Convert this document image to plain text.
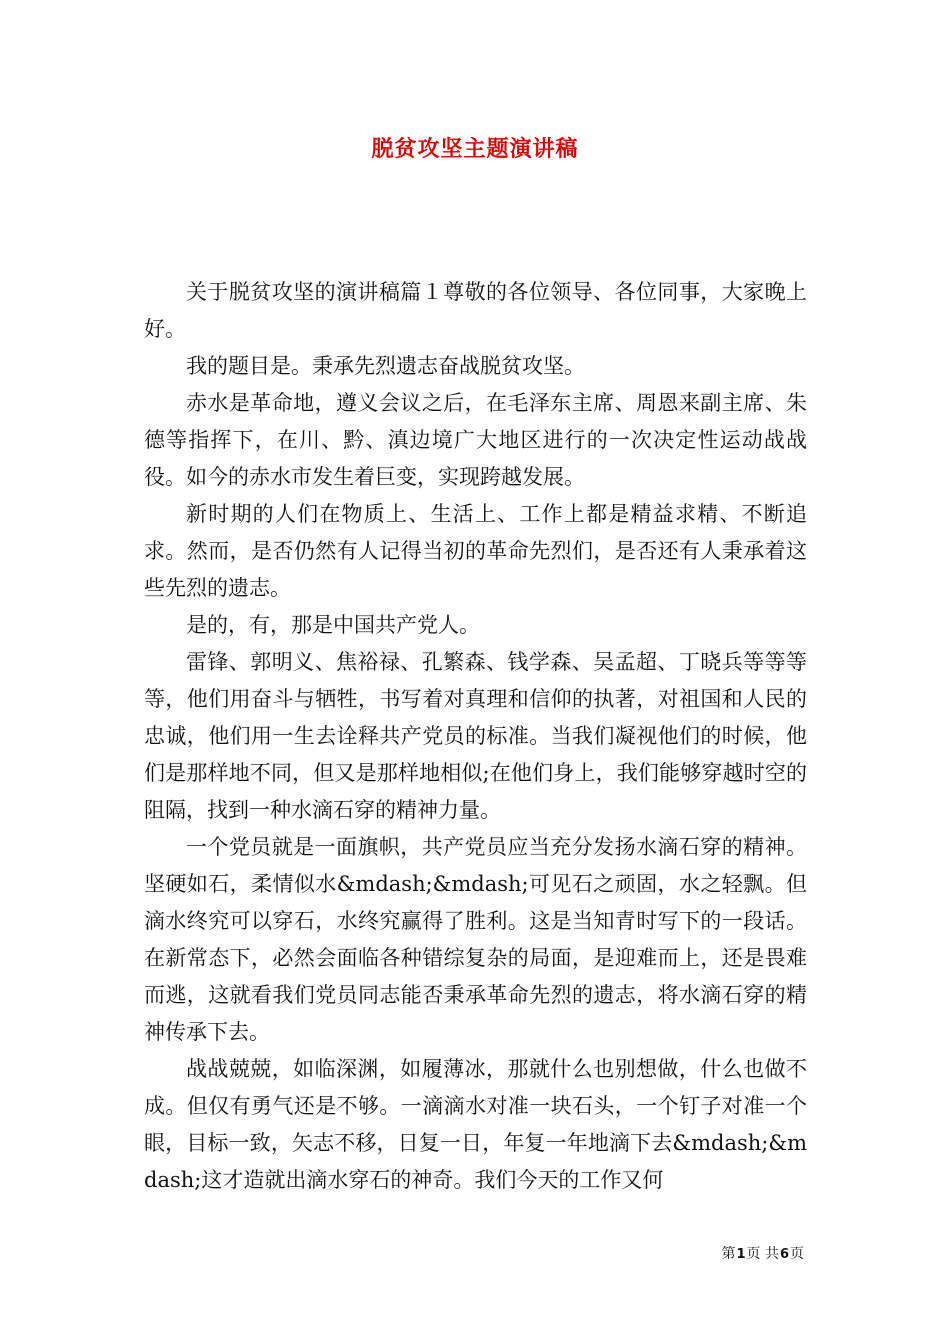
脱贫攻坚主题演讲稿

关于脱贫攻坚的演讲稿篇１尊敬的各位领导、各位同事，大家晚上好。

我的题目是。秉承先烈遗志奋战脱贫攻坚。

赤水是革命地，遵义会议之后，在毛泽东主席、周恩来副主席、朱德等指挥下，在川、黔、滇边境广大地区进行的一次决定性运动战战役。如今的赤水市发生着巨变，实现跨越发展。

新时期的人们在物质上、生活上、工作上都是精益求精、不断追求。然而，是否仍然有人记得当初的革命先烈们，是否还有人秉承着这些先烈的遗志。

是的，有，那是中国共产党人。

雷锋、郭明义、焦裕禄、孔繁森、钱学森、吴孟超、丁晓兵等等等等，他们用奋斗与牺牲，书写着对真理和信仰的执著，对祖国和人民的忠诚，他们用一生去诠释共产党员的标准。当我们凝视他们的时候，他们是那样地不同，但又是那样地相似;在他们身上，我们能够穿越时空的阻隔，找到一种水滴石穿的精神力量。

一个党员就是一面旗帜，共产党员应当充分发扬水滴石穿的精神。坚硬如石，柔情似水&mdash;&mdash;可见石之顽固，水之轻飘。但滴水终究可以穿石，水终究赢得了胜利。这是当知青时写下的一段话。在新常态下，必然会面临各种错综复杂的局面，是迎难而上，还是畏难而逃，这就看我们党员同志能否秉承革命先烈的遗志，将水滴石穿的精神传承下去。

战战兢兢，如临深渊，如履薄冰，那就什么也别想做，什么也做不成。但仅有勇气还是不够。一滴滴水对准一块石头，一个钉子对准一个眼，目标一致，矢志不移，日复一日，年复一年地滴下去&mdash;&mdash;这才造就出滴水穿石的神奇。我们今天的工作又何

第1页 共6页
